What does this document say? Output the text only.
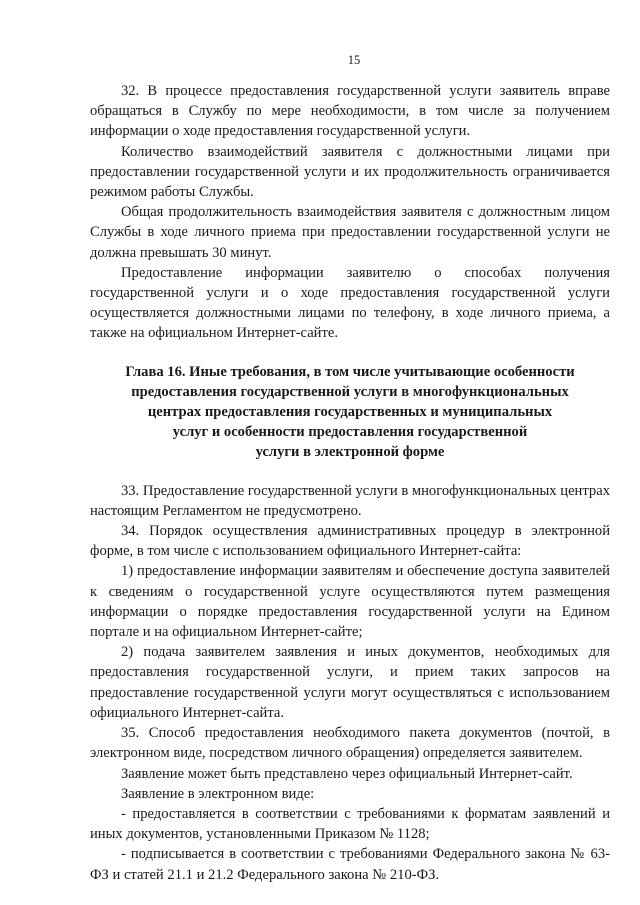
15

32. В процессе предоставления государственной услуги заявитель вправе обращаться в Службу по мере необходимости, в том числе за получением информации о ходе предоставления государственной услуги.

Количество взаимодействий заявителя с должностными лицами при предоставлении государственной услуги и их продолжительность ограничивается режимом работы Службы.

Общая продолжительность взаимодействия заявителя с должностным лицом Службы в ходе личного приема при предоставлении государственной услуги не должна превышать 30 минут.

Предоставление информации заявителю о способах получения государственной услуги и о ходе предоставления государственной услуги осуществляется должностными лицами по телефону, в ходе личного приема, а также на официальном Интернет-сайте.

Глава 16. Иные требования, в том числе учитывающие особенности
предоставления государственной услуги в многофункциональных
центрах предоставления государственных и муниципальных
услуг и особенности предоставления государственной
услуги в электронной форме

33. Предоставление государственной услуги в многофункциональных центрах настоящим Регламентом не предусмотрено.

34. Порядок осуществления административных процедур в электронной форме, в том числе с использованием официального Интернет-сайта:

1) предоставление информации заявителям и обеспечение доступа заявителей к сведениям о государственной услуге осуществляются путем размещения информации о порядке предоставления государственной услуги на Едином портале и на официальном Интернет-сайте;

2) подача заявителем заявления и иных документов, необходимых для предоставления государственной услуги, и прием таких запросов на предоставление государственной услуги могут осуществляться с использованием официального Интернет-сайта.

35. Способ предоставления необходимого пакета документов (почтой, в электронном виде, посредством личного обращения) определяется заявителем.

Заявление может быть представлено через официальный Интернет-сайт.

Заявление в электронном виде:

- предоставляется в соответствии с требованиями к форматам заявлений и иных документов, установленными Приказом № 1128;

- подписывается в соответствии с требованиями Федерального закона № 63-ФЗ и статей 21.1 и 21.2 Федерального закона № 210-ФЗ.
